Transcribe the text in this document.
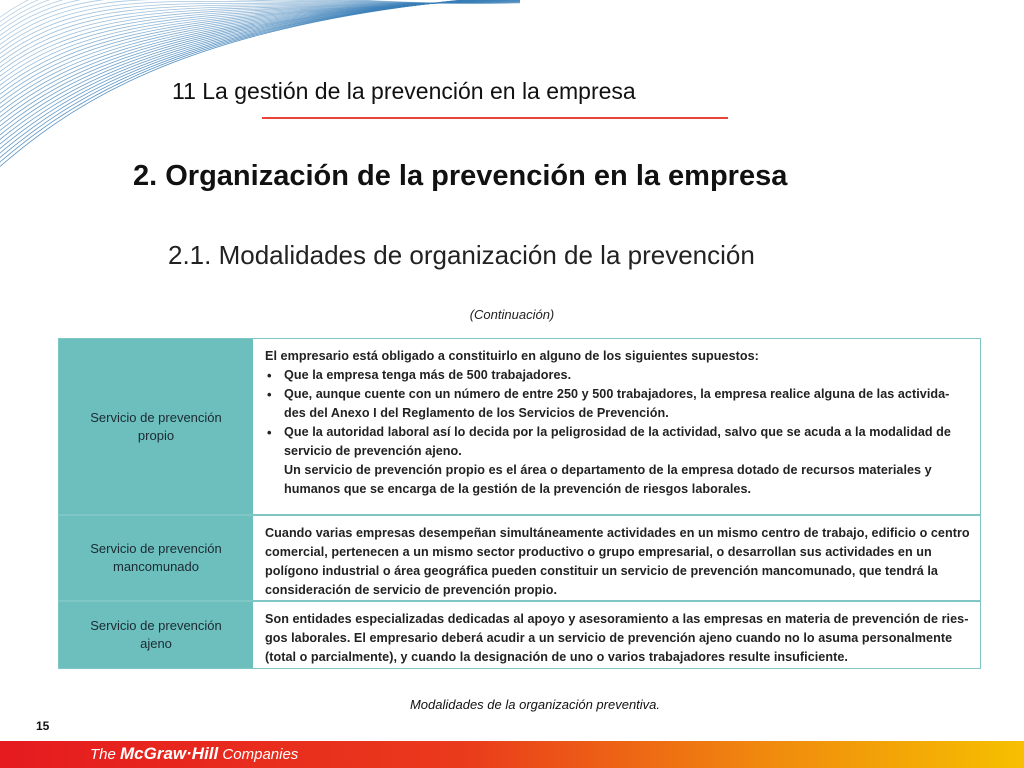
11 La gestión de la prevención en la empresa
2. Organización de la prevención en la empresa
2.1. Modalidades de organización de la prevención
(Continuación)
Servicio de prevención propio

El empresario está obligado a constituirlo en alguno de los siguientes supuestos:

• Que la empresa tenga más de 500 trabajadores.
• Que, aunque cuente con un número de entre 250 y 500 trabajadores, la empresa realice alguna de las activida-des del Anexo I del Reglamento de los Servicios de Prevención.
• Que la autoridad laboral así lo decida por la peligrosidad de la actividad, salvo que se acuda a la modalidad de servicio de prevención ajeno.

Un servicio de prevención propio es el área o departamento de la empresa dotado de recursos materiales y humanos que se encarga de la gestión de la prevención de riesgos laborales.

Servicio de prevención mancomunado

Cuando varias empresas desempeñan simultáneamente actividades en un mismo centro de trabajo, edificio o centro comercial, pertenecen a un mismo sector productivo o grupo empresarial, o desarrollan sus actividades en un polígono industrial o área geográfica pueden constituir un servicio de prevención mancomunado, que tendrá la consideración de servicio de prevención propio.

Servicio de prevención ajeno

Son entidades especializadas dedicadas al apoyo y asesoramiento a las empresas en materia de prevención de ries-gos laborales. El empresario deberá acudir a un servicio de prevención ajeno cuando no lo asuma personalmente (total o parcialmente), y cuando la designación de uno o varios trabajadores resulte insuficiente.

Modalidades de la organización preventiva.
15
The McGraw·Hill Companies
